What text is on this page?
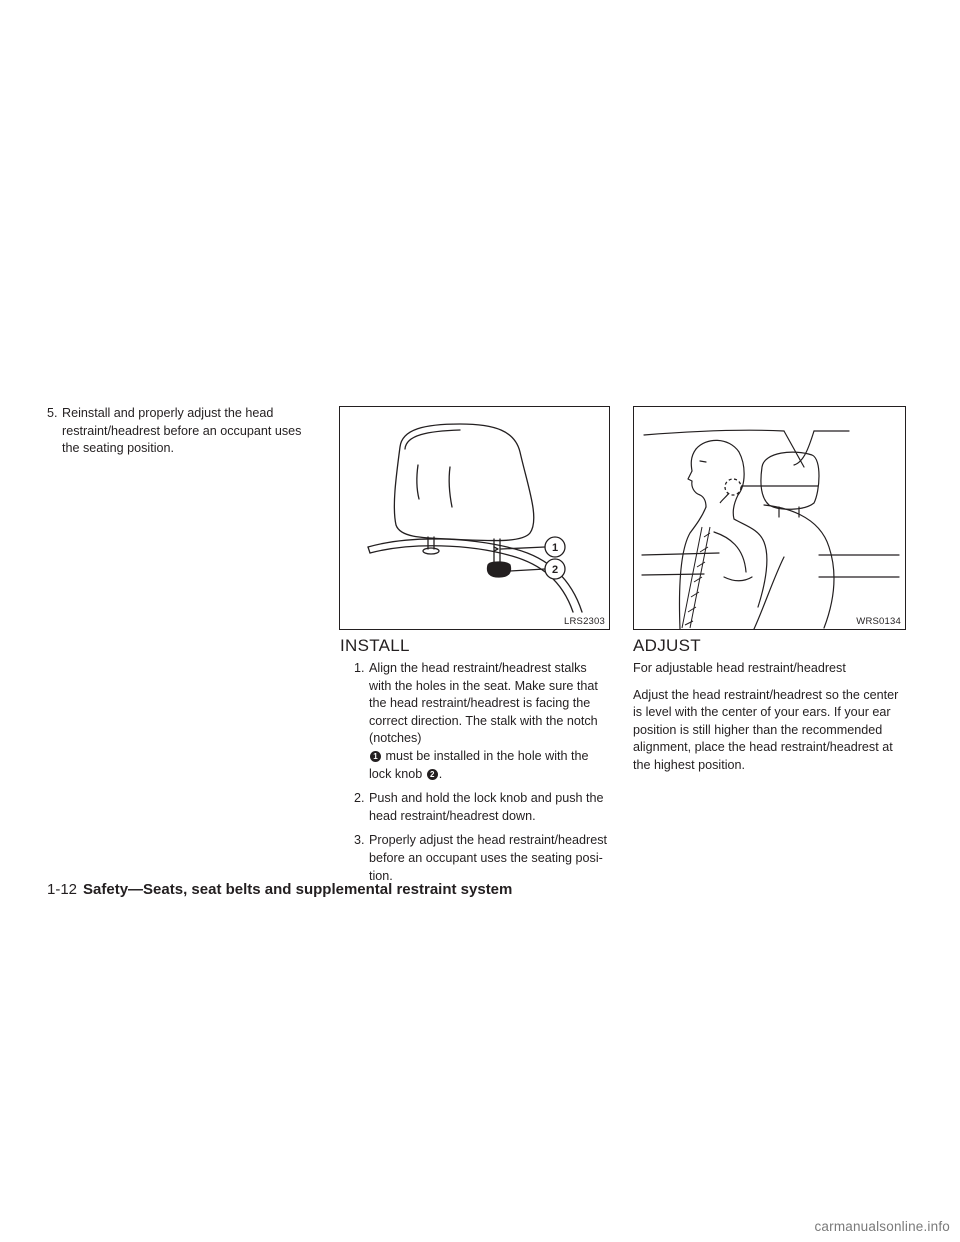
5. Reinstall and properly adjust the head restraint/headrest before an occupant uses the seating position.
1
2
LRS2303	WRS0134
INSTALL
1. Align the head restraint/headrest stalks with the holes in the seat. Make sure that the head restraint/headrest is facing the correct direction. The stalk with the notch (notches)
1 must be installed in the hole with the lock knob 2 .
2. Push and hold the lock knob and push the head restraint/headrest down.
3. Properly adjust the head restraint/headrest before an occupant uses the seating posi-tion.
ADJUST

For adjustable head restraint/headrest

Adjust the head restraint/headrest so the center is level with the center of your ears. If your ear position is still higher than the recommended alignment, place the head restraint/headrest at the highest position.

1-12 Safety—Seats, seat belts and supplemental restraint system
carmanualsonline.info
